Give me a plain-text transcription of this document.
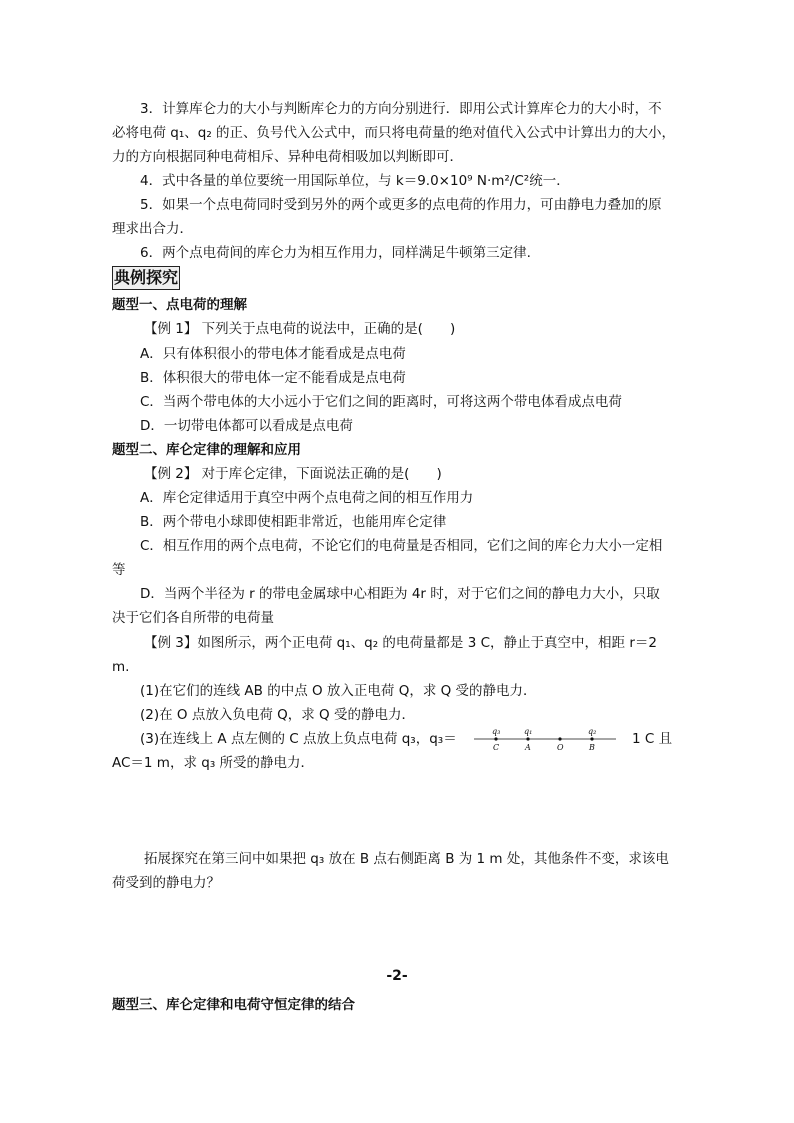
3．计算库仑力的大小与判断库仑力的方向分别进行．即用公式计算库仑力的大小时，不
必将电荷 q₁、q₂ 的正、负号代入公式中，而只将电荷量的绝对值代入公式中计算出力的大小，
力的方向根据同种电荷相斥、异种电荷相吸加以判断即可．
4．式中各量的单位要统一用国际单位，与 k＝9.0×10⁹ N·m²/C²统一．
5．如果一个点电荷同时受到另外的两个或更多的点电荷的作用力，可由静电力叠加的原
理求出合力．
6．两个点电荷间的库仑力为相互作用力，同样满足牛顿第三定律.
典例探究
题型一、点电荷的理解
【例 1】 下列关于点电荷的说法中，正确的是(　　)
A．只有体积很小的带电体才能看成是点电荷
B．体积很大的带电体一定不能看成是点电荷
C．当两个带电体的大小远小于它们之间的距离时，可将这两个带电体看成点电荷
D．一切带电体都可以看成是点电荷
题型二、库仑定律的理解和应用
【例 2】 对于库仑定律，下面说法正确的是(　　)
A．库仑定律适用于真空中两个点电荷之间的相互作用力
B．两个带电小球即使相距非常近，也能用库仑定律
C．相互作用的两个点电荷，不论它们的电荷量是否相同，它们之间的库仑力大小一定相
等
D．当两个半径为 r 的带电金属球中心相距为 4r 时，对于它们之间的静电力大小，只取
决于它们各自所带的电荷量
【例 3】如图所示，两个正电荷 q₁、q₂ 的电荷量都是 3 C，静止于真空中，相距 r＝2
m.
(1)在它们的连线 AB 的中点 O 放入正电荷 Q，求 Q 受的静电力．
(2)在 O 点放入负电荷 Q，求 Q 受的静电力．
(3)在连线上 A 点左侧的 C 点放上负点电荷 q₃，q₃＝	1 C 且
AC＝1 m，求 q₃ 所受的静电力．
q₃	q₁	q₂
C	A	O	B
拓展探究在第三问中如果把 q₃ 放在 B 点右侧距离 B 为 1 m 处，其他条件不变，求该电
荷受到的静电力？
-2-
题型三、库仑定律和电荷守恒定律的结合
